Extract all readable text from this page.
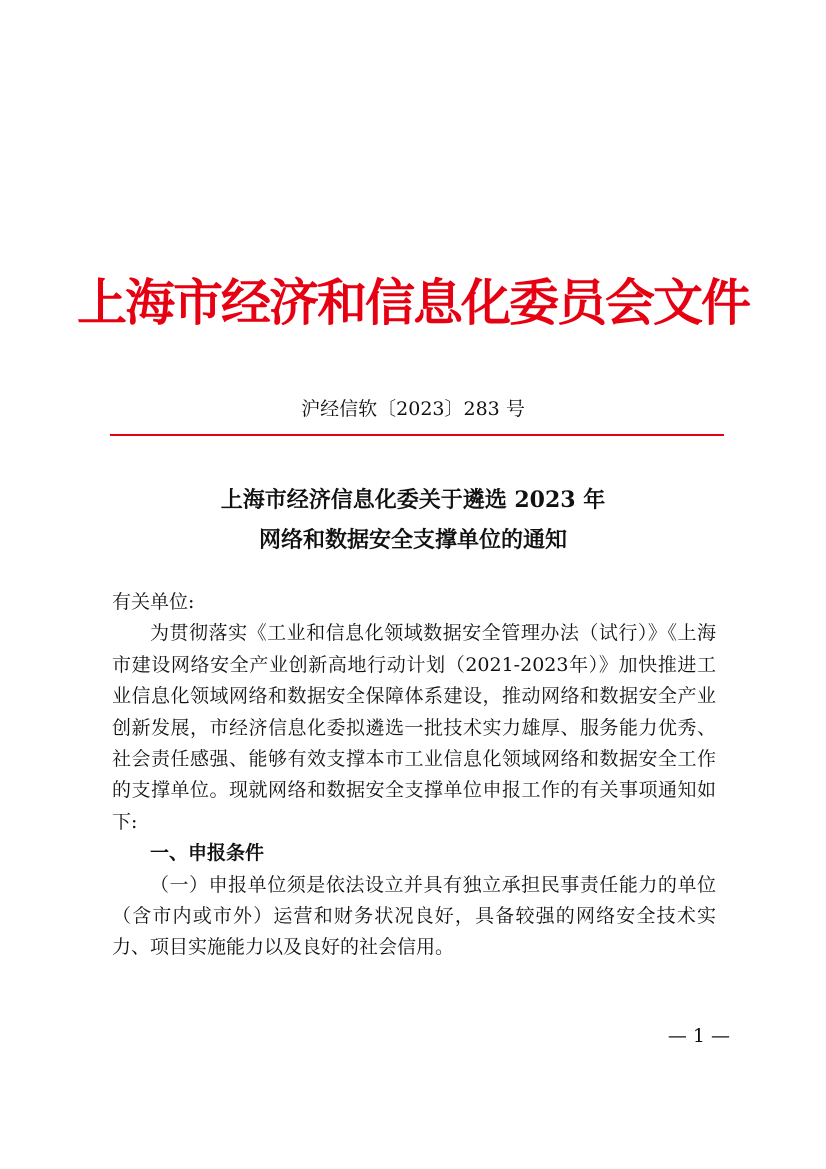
上海市经济和信息化委员会文件
沪经信软〔2023〕283 号
上海市经济信息化委关于遴选 2023 年
网络和数据安全支撑单位的通知

有关单位:

为贯彻落实《工业和信息化领域数据安全管理办法（试行）》《上海市建设网络安全产业创新高地行动计划（2021-2023年）》加快推进工业信息化领域网络和数据安全保障体系建设，推动网络和数据安全产业创新发展，市经济信息化委拟遴选一批技术实力雄厚、服务能力优秀、社会责任感强、能够有效支撑本市工业信息化领域网络和数据安全工作的支撑单位。现就网络和数据安全支撑单位申报工作的有关事项通知如下:

一、申报条件

（一）申报单位须是依法设立并具有独立承担民事责任能力的单位（含市内或市外）运营和财务状况良好，具备较强的网络安全技术实力、项目实施能力以及良好的社会信用。

— 1 —
